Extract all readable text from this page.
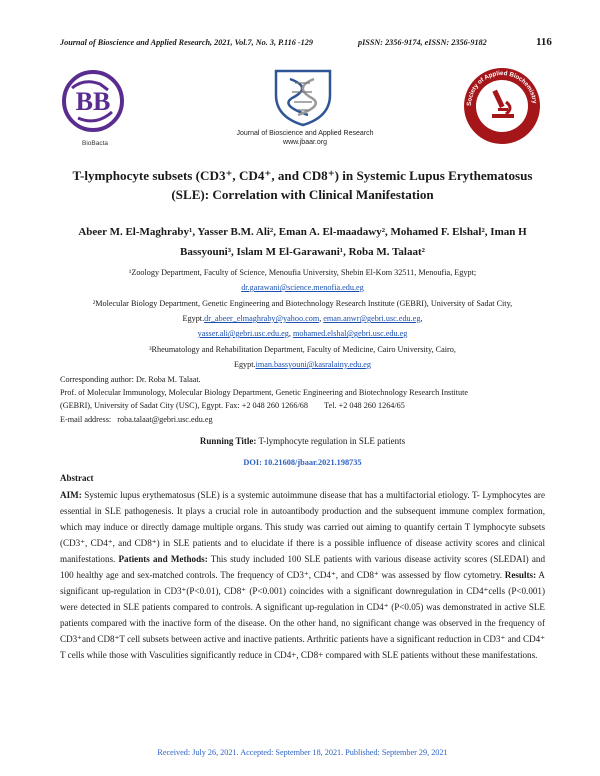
Journal of Bioscience and Applied Research, 2021, Vol.7, No. 3, P.116 -129	pISSN: 2356-9174, eISSN: 2356-9182	116
BB
BioBacta
Journal of Bioscience and Applied Research
www.jbaar.org
Society of Applied Biochemistry
T-lymphocyte subsets (CD3⁺, CD4⁺, and CD8⁺) in Systemic Lupus Erythematosus
(SLE): Correlation with Clinical Manifestation
Abeer M. El-Maghraby¹, Yasser B.M. Ali², Eman A. El-maadawy², Mohamed F. Elshal², Iman H
Bassyouni³, Islam M El-Garawani¹, Roba M. Talaat²
¹Zoology Department, Faculty of Science, Menoufia University, Shebin El-Kom 32511, Menoufia, Egypt;
dr.garawani@science.menofia.edu.eg
²Molecular Biology Department, Genetic Engineering and Biotechnology Research Institute (GEBRI), University of Sadat City,
Egypt.dr_abeer_elmaghraby@yahoo.com, eman.anwr@gebri.usc.edu.eg,
yasser.ali@gebri.usc.edu.eg, mohamed.elshal@gebri.usc.edu.eg
³Rheumatology and Rehabilitation Department, Faculty of Medicine, Cairo University, Cairo,
Egypt.iman.bassyouni@kasralainy.edu.eg
Corresponding author: Dr. Roba M. Talaat.
Prof. of Molecular Immunology, Molecular Biology Department, Genetic Engineering and Biotechnology Research Institute
(GEBRI), University of Sadat City (USC), Egypt. Fax: +2 048 260 1266/68        Tel. +2 048 260 1264/65
E-mail address:   roba.talaat@gebri.usc.edu.eg
Running Title: T-lymphocyte regulation in SLE patients
DOI: 10.21608/jbaar.2021.198735
Abstract
AIM: Systemic lupus erythematosus (SLE) is a systemic autoimmune disease that has a multifactorial etiology. T- Lymphocytes are essential in SLE pathogenesis. It plays a crucial role in autoantibody production and the subsequent immune complex formation, which may induce or directly damage multiple organs. This study was carried out aiming to quantify certain T lymphocyte subsets (CD3⁺, CD4⁺, and CD8⁺) in SLE patients and to elucidate if there is a possible influence of disease activity scores and clinical manifestations. Patients and Methods: This study included 100 SLE patients with various disease activity scores (SLEDAI) and 100 healthy age and sex-matched controls. The frequency of CD3⁺, CD4⁺, and CD8⁺ was assessed by flow cytometry. Results: A significant up-regulation in CD3⁺(P<0.01), CD8⁺ (P<0.001) coincides with a significant downregulation in CD4⁺cells (P<0.001) were detected in SLE patients compared to controls. A significant up-regulation in CD4⁺ (P<0.05) was demonstrated in active SLE patients compared with the inactive form of the disease. On the other hand, no significant change was observed in the frequency of CD3⁺and CD8⁺T cell subsets between active and inactive patients. Arthritic patients have a significant reduction in CD3⁺ and CD4⁺ T cells while those with Vasculities significantly reduce in CD4+, CD8+ compared with SLE patients without these manifestations.
Received: July 26, 2021. Accepted: September 18, 2021. Published: September 29, 2021
